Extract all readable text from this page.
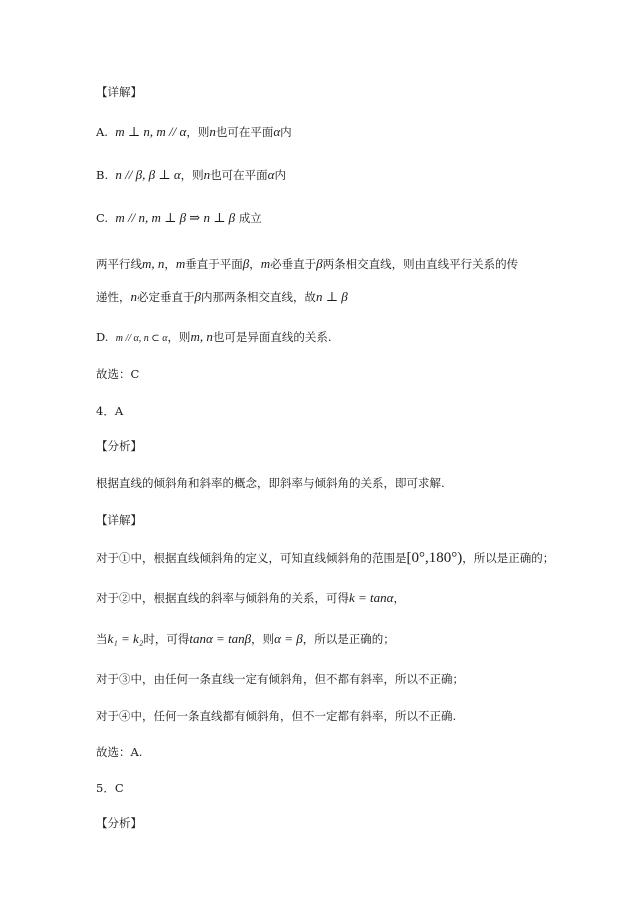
【详解】
A. m ⊥ n, m // α，则n也可在平面α内
B. n // β, β ⊥ α，则n也可在平面α内
C. m // n, m ⊥ β ⇒ n ⊥ β 成立
两平行线m, n，m垂直于平面β，m必垂直于β两条相交直线，则由直线平行关系的传
递性，n必定垂直于β内那两条相交直线，故n ⊥ β
D. m // α, n ⊂ α，则m, n也可是异面直线的关系.
故选：C
4．A
【分析】
根据直线的倾斜角和斜率的概念，即斜率与倾斜角的关系，即可求解.
【详解】
对于①中，根据直线倾斜角的定义，可知直线倾斜角的范围是[0°,180°)，所以是正确的；
对于②中，根据直线的斜率与倾斜角的关系，可得k = tanα，
当k₁ = k₂时，可得tanα = tanβ，则α = β，所以是正确的；
对于③中，由任何一条直线一定有倾斜角，但不都有斜率，所以不正确；
对于④中，任何一条直线都有倾斜角，但不一定都有斜率，所以不正确.
故选：A.
5．C
【分析】
